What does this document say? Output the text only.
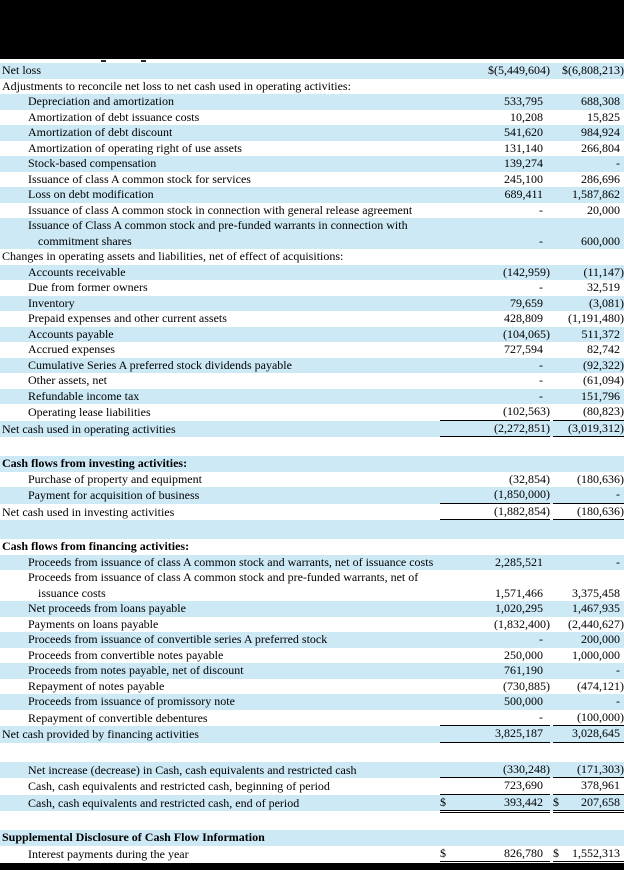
Net loss	$(5,449,604)	$(6,808,213)
Adjustments to reconcile net loss to net cash used in operating activities:
Depreciation and amortization	533,795	688,308
Amortization of debt issuance costs	10,208	15,825
Amortization of debt discount	541,620	984,924
Amortization of operating right of use assets	131,140	266,804
Stock-based compensation	139,274	-
Issuance of class A common stock for services	245,100	286,696
Loss on debt modification	689,411	1,587,862
Issuance of class A common stock in connection with general release agreement	-	20,000
Issuance of Class A common stock and pre-funded warrants in connection with
commitment shares	-	600,000
Changes in operating assets and liabilities, net of effect of acquisitions:
Accounts receivable	(142,959)	(11,147)
Due from former owners	-	32,519
Inventory	79,659	(3,081)
Prepaid expenses and other current assets	428,809	(1,191,480)
Accounts payable	(104,065)	511,372
Accrued expenses	727,594	82,742
Cumulative Series A preferred stock dividends payable	-	(92,322)
Other assets, net	-	(61,094)
Refundable income tax	-	151,796
Operating lease liabilities	(102,563)	(80,823)
Net cash used in operating activities	(2,272,851)	(3,019,312)
Cash flows from investing activities:
Purchase of property and equipment	(32,854)	(180,636)
Payment for acquisition of business	(1,850,000)	-
Net cash used in investing activities	(1,882,854)	(180,636)
Cash flows from financing activities:
Proceeds from issuance of class A common stock and warrants, net of issuance costs	2,285,521	-
Proceeds from issuance of class A common stock and pre-funded warrants, net of
issuance costs	1,571,466	3,375,458
Net proceeds from loans payable	1,020,295	1,467,935
Payments on loans payable	(1,832,400)	(2,440,627)
Proceeds from issuance of convertible series A preferred stock	-	200,000
Proceeds from convertible notes payable	250,000	1,000,000
Proceeds from notes payable, net of discount	761,190	-
Repayment of notes payable	(730,885)	(474,121)
Proceeds from issuance of promissory note	500,000	-
Repayment of convertible debentures	-	(100,000)
Net cash provided by financing activities	3,825,187	3,028,645
Net increase (decrease) in Cash, cash equivalents and restricted cash	(330,248)	(171,303)
Cash, cash equivalents and restricted cash, beginning of period	723,690	378,961
Cash, cash equivalents and restricted cash, end of period	$	393,442 $ 207,658
Supplemental Disclosure of Cash Flow Information
Interest payments during the year	$	826,780 $ 1,552,313
